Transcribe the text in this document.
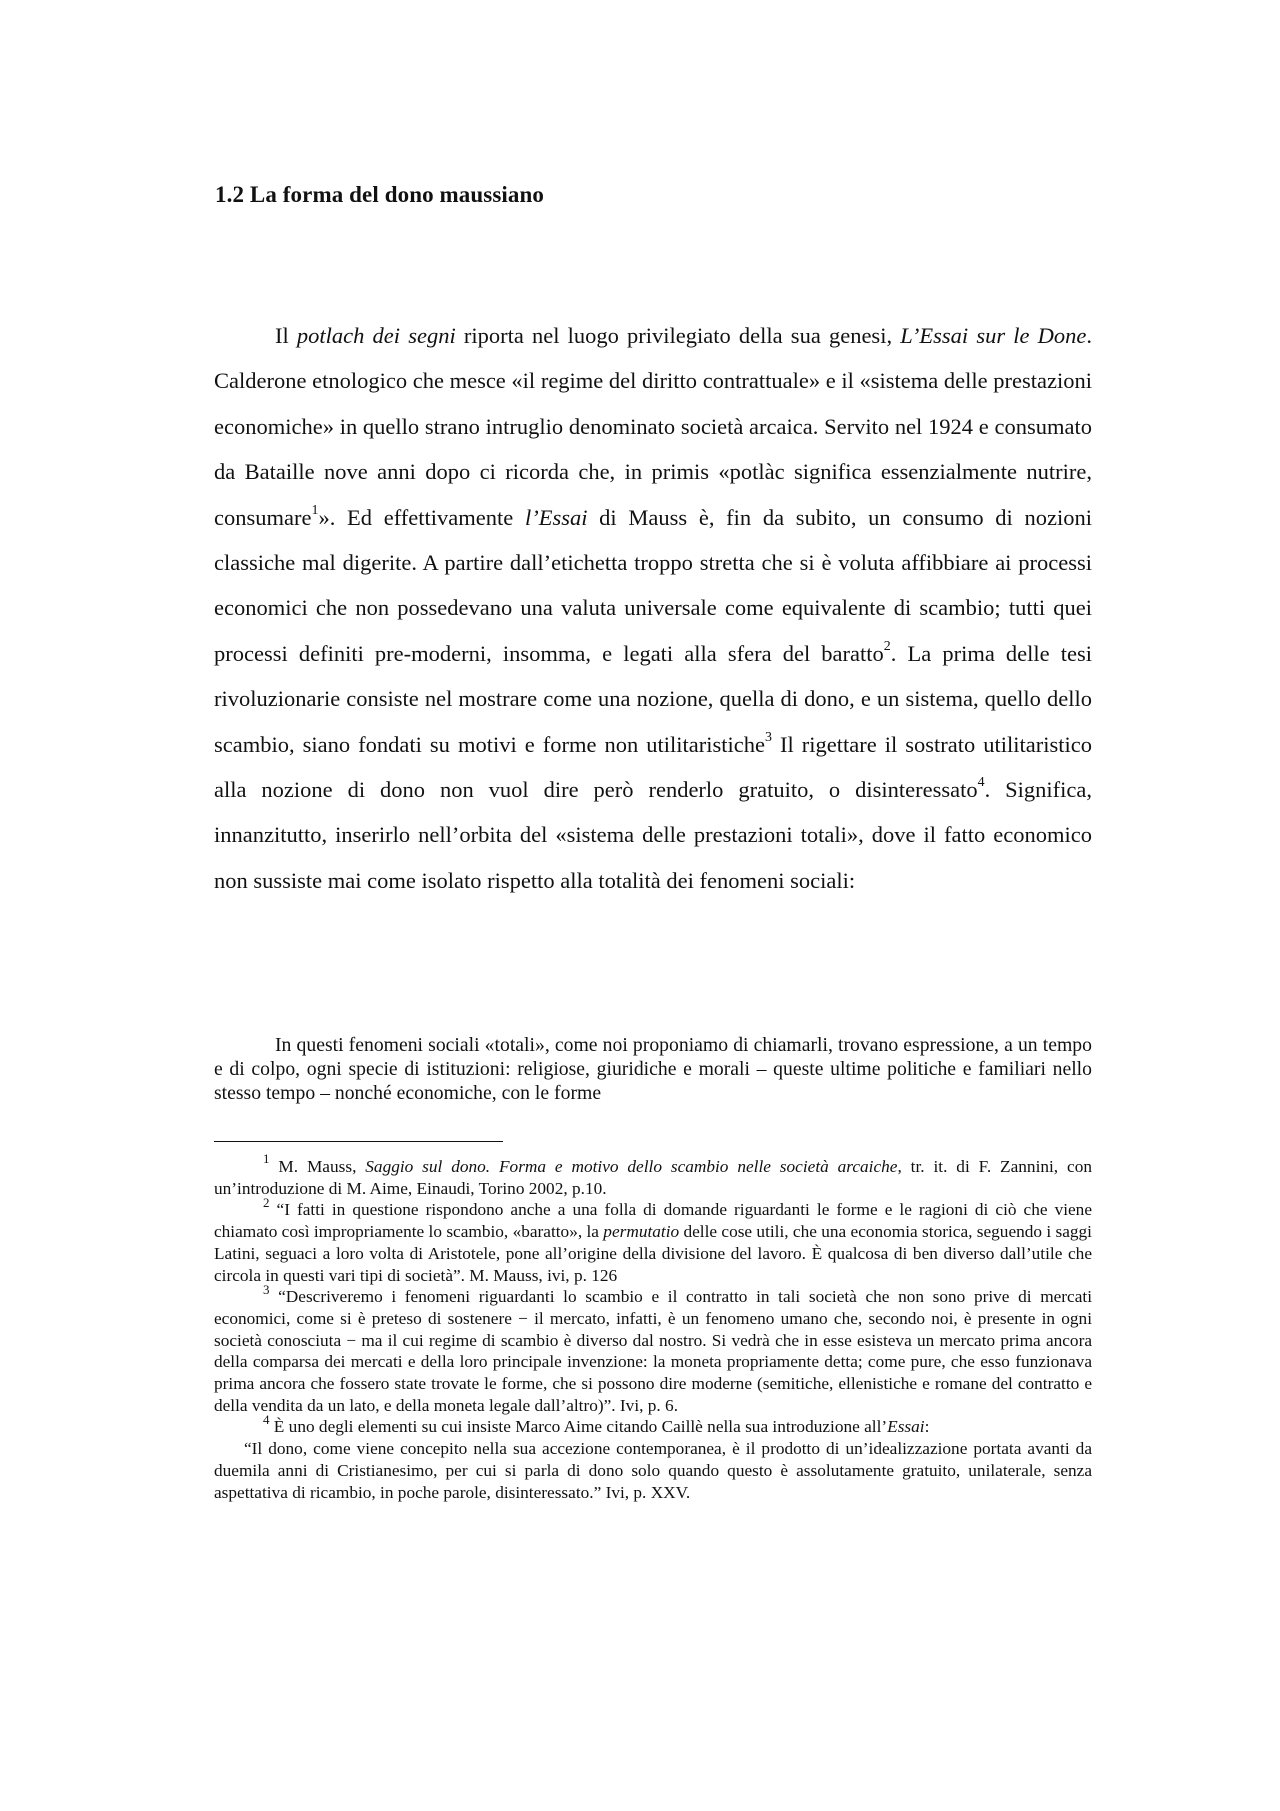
1.2 La forma del dono maussiano

Il potlach dei segni riporta nel luogo privilegiato della sua genesi, L’Essai sur le Done. Calderone etnologico che mesce «il regime del diritto contrattuale» e il «sistema delle prestazioni economiche» in quello strano intruglio denominato società arcaica. Servito nel 1924 e consumato da Bataille nove anni dopo ci ricorda che, in primis «potlàc significa essenzialmente nutrire, consumare$^1$». Ed effettivamente l’Essai di Mauss è, fin da subito, un consumo di nozioni classiche mal digerite. A partire dall’etichetta troppo stretta che si è voluta affibbiare ai processi economici che non possedevano una valuta universale come equivalente di scambio; tutti quei processi definiti pre-moderni, insomma, e legati alla sfera del baratto$^2$. La prima delle tesi rivoluzionarie consiste nel mostrare come una nozione, quella di dono, e un sistema, quello dello scambio, siano fondati su motivi e forme non utilitaristiche$^3$ Il rigettare il sostrato utilitaristico alla nozione di dono non vuol dire però renderlo gratuito, o disinteressato$^4$. Significa, innanzitutto, inserirlo nell’orbita del «sistema delle prestazioni totali», dove il fatto economico non sussiste mai come isolato rispetto alla totalità dei fenomeni sociali:

In questi fenomeni sociali «totali», come noi proponiamo di chiamarli, trovano espressione, a un tempo e di colpo, ogni specie di istituzioni: religiose, giuridiche e morali – queste ultime politiche e familiari nello stesso tempo – nonché economiche, con le forme

$^1$ M. Mauss, Saggio sul dono. Forma e motivo dello scambio nelle società arcaiche, tr. it. di F. Zannini, con un’introduzione di M. Aime, Einaudi, Torino 2002, p.10.

$^2$ “I fatti in questione rispondono anche a una folla di domande riguardanti le forme e le ragioni di ciò che viene chiamato così impropriamente lo scambio, «baratto», la permutatio delle cose utili, che una economia storica, seguendo i saggi Latini, seguaci a loro volta di Aristotele, pone all’origine della divisione del lavoro. È qualcosa di ben diverso dall’utile che circola in questi vari tipi di società”. M. Mauss, ivi, p. 126

$^3$ “Descriveremo i fenomeni riguardanti lo scambio e il contratto in tali società che non sono prive di mercati economici, come si è preteso di sostenere − il mercato, infatti, è un fenomeno umano che, secondo noi, è presente in ogni società conosciuta − ma il cui regime di scambio è diverso dal nostro. Si vedrà che in esse esisteva un mercato prima ancora della comparsa dei mercati e della loro principale invenzione: la moneta propriamente detta; come pure, che esso funzionava prima ancora che fossero state trovate le forme, che si possono dire moderne (semitiche, ellenistiche e romane del contratto e della vendita da un lato, e della moneta legale dall’altro)”. Ivi, p. 6.

$^4$ È uno degli elementi su cui insiste Marco Aime citando Caillè nella sua introduzione all’Essai:

“Il dono, come viene concepito nella sua accezione contemporanea, è il prodotto di un’idealizzazione portata avanti da duemila anni di Cristianesimo, per cui si parla di dono solo quando questo è assolutamente gratuito, unilaterale, senza aspettativa di ricambio, in poche parole, disinteressato.” Ivi, p. XXV.
